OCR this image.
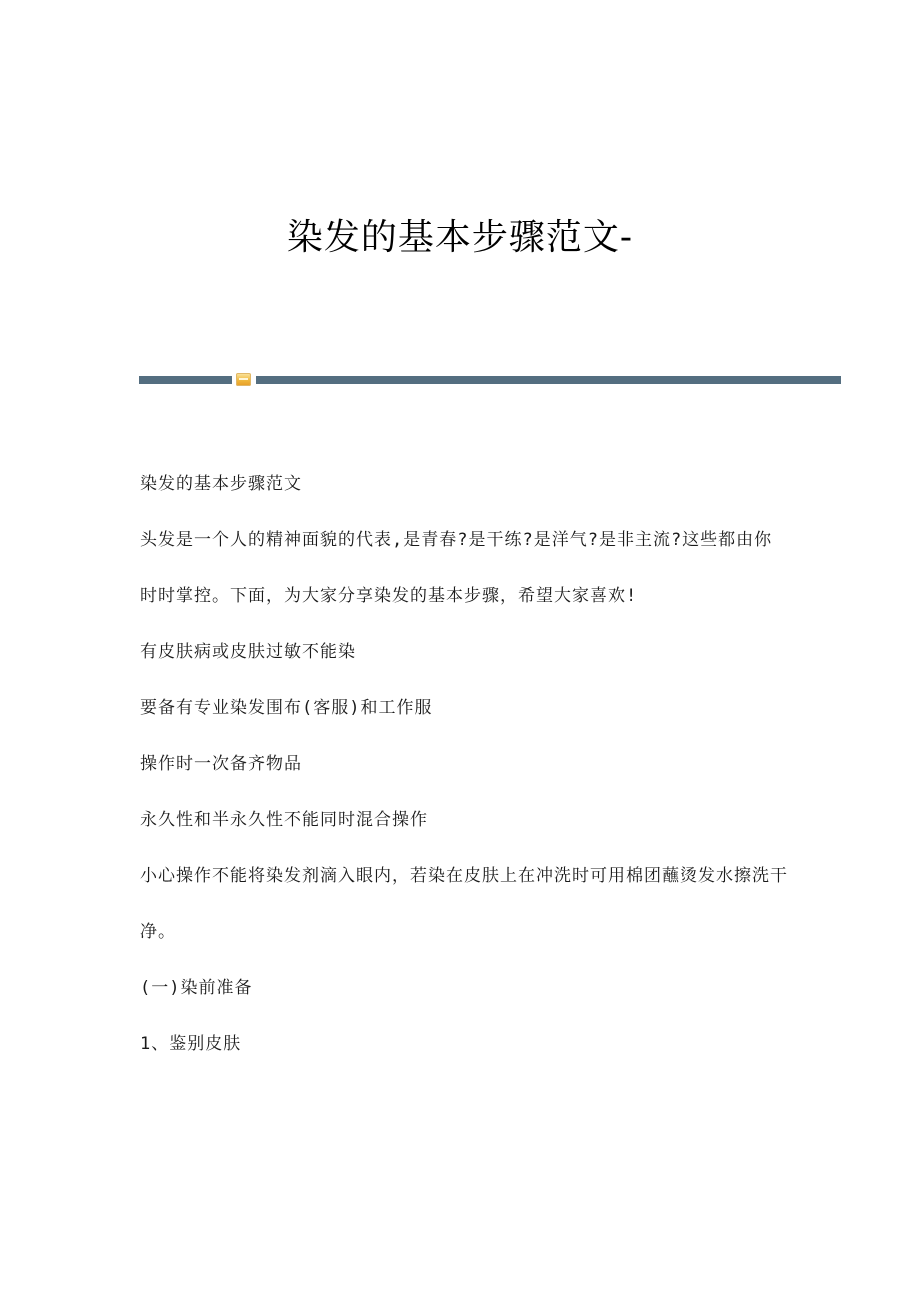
染发的基本步骤范文-

染发的基本步骤范文

头发是一个人的精神面貌的代表,是青春?是干练?是洋气?是非主流?这些都由你时时掌控。下面，为大家分享染发的基本步骤，希望大家喜欢!

有皮肤病或皮肤过敏不能染

要备有专业染发围布(客服)和工作服

操作时一次备齐物品

永久性和半永久性不能同时混合操作

小心操作不能将染发剂滴入眼内，若染在皮肤上在冲洗时可用棉团蘸烫发水擦洗干净。

(一)染前准备

1、鉴别皮肤
